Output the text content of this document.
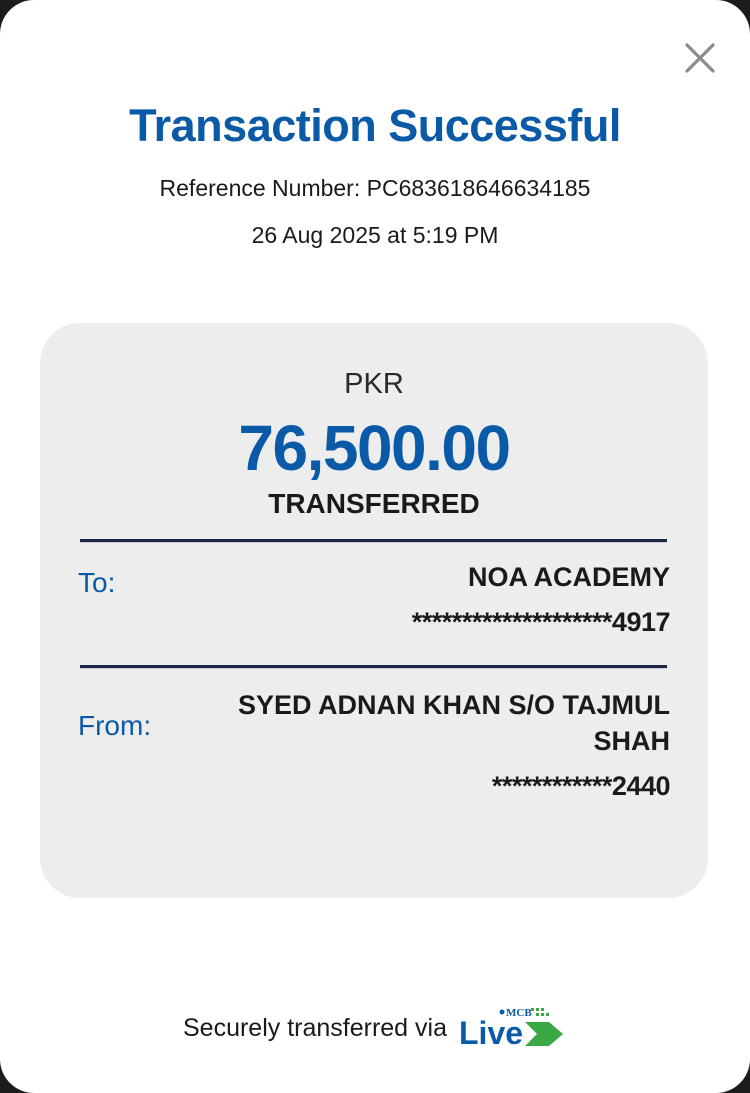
Transaction Successful
Reference Number: PC683618646634185
26 Aug 2025 at 5:19 PM
PKR
76,500.00
TRANSFERRED
To:	NOA ACADEMY
********************4917
From:
SYED ADNAN KHAN S/O TAJMUL SHAH
************2440
Securely transferred via
MCB
Live
